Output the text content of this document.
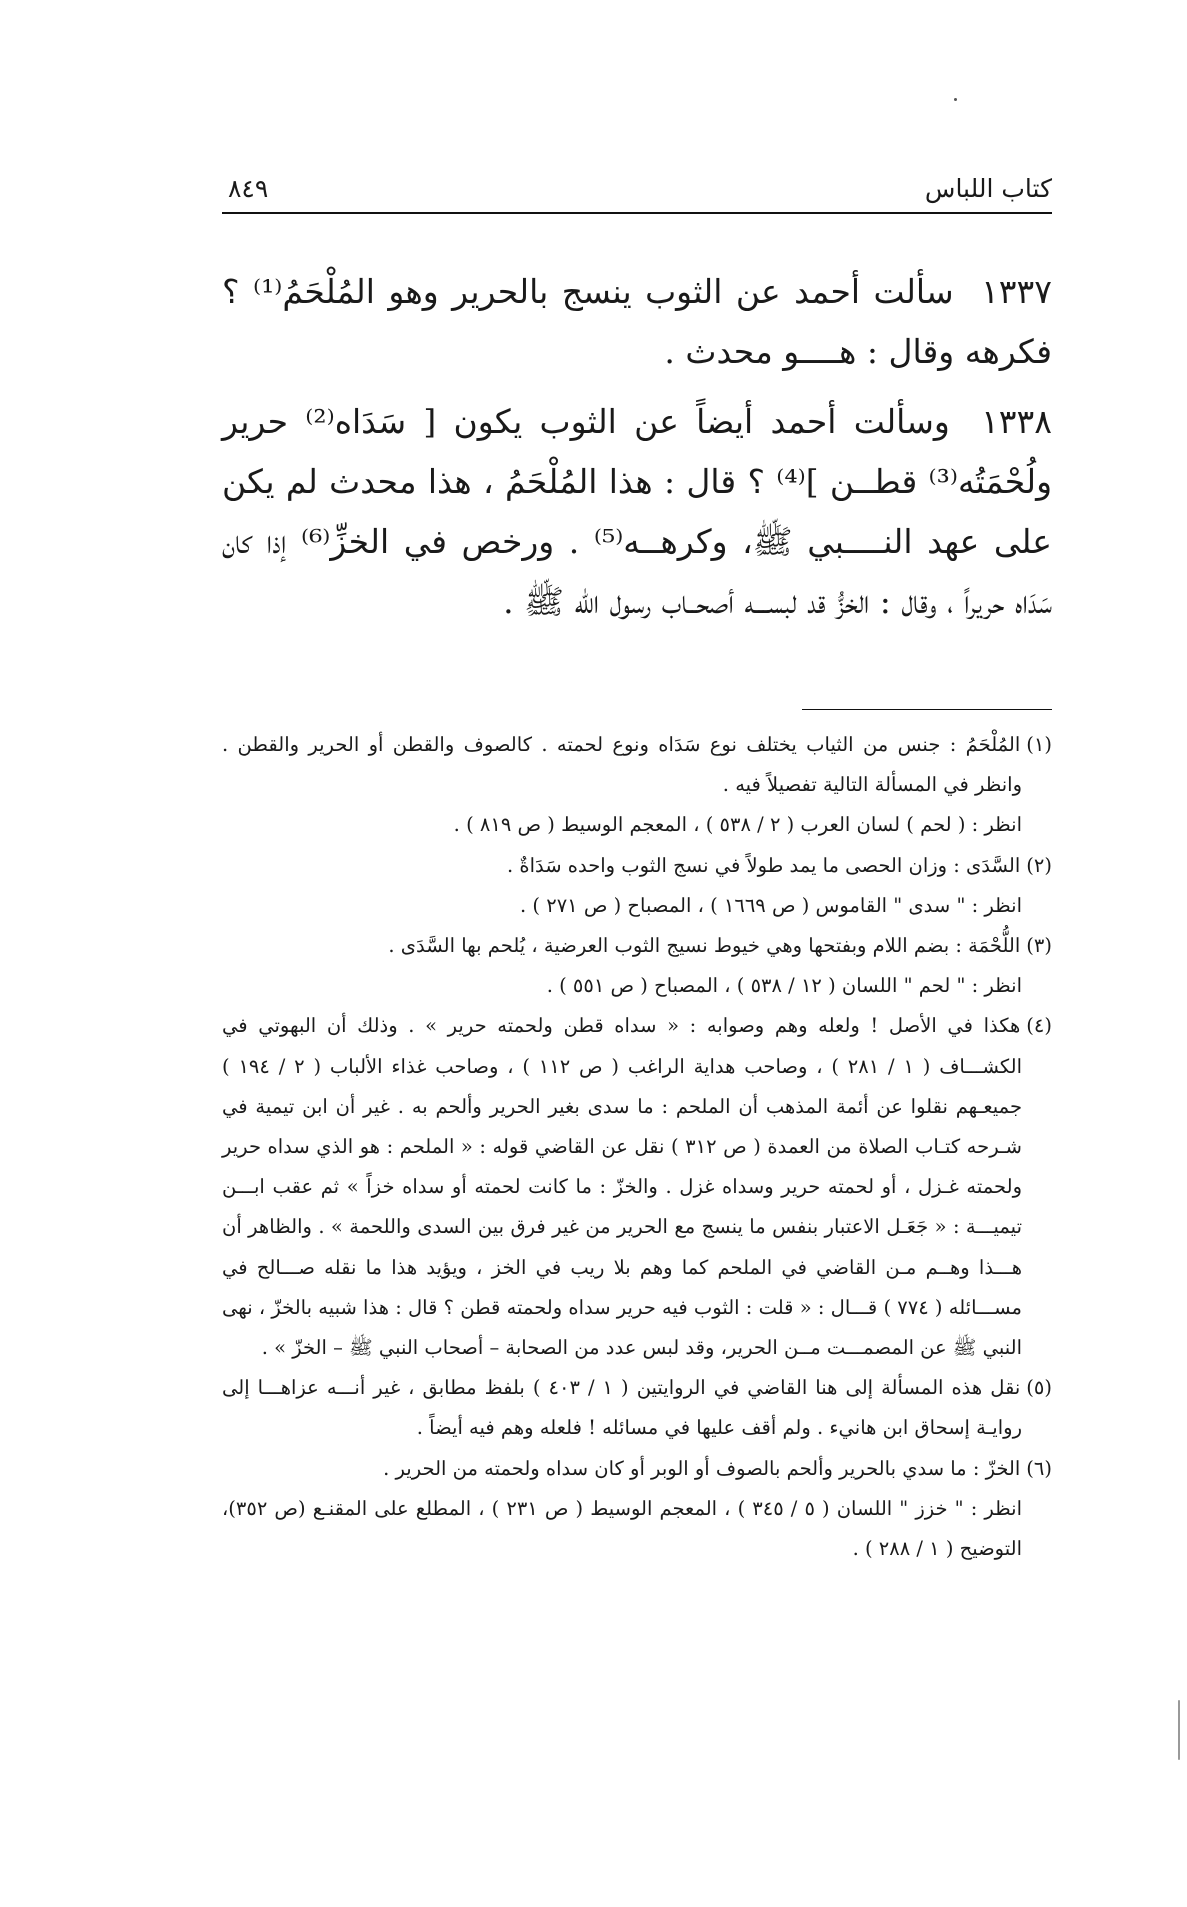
كتاب اللباس
٨٤٩
١٣٣٧ سألت أحمد عن الثوب ينسج بالحرير وهو المُلْحَمُ⁽¹⁾ ؟ فكرهه وقال : هــــو محدث .
١٣٣٨ وسألت أحمد أيضاً عن الثوب يكون [ سَدَاه⁽²⁾ حرير ولُحْمَتُه⁽³⁾ قطــن ]⁽⁴⁾ ؟ قال : هذا المُلْحَمُ ، هذا محدث لم يكن على عهد النــــبي ﷺ، وكرهــه⁽⁵⁾ . ورخص في الخزِّ⁽⁶⁾ إذا كان سَدَاه حريراً ، وقال : الخزُّ قد لبســـه أصحــاب رسول الله ﷺ .
(١)المُلْحَمُ : جنس من الثياب يختلف نوع سَدَاه ونوع لحمته . كالصوف والقطن أو الحرير والقطن . وانظر في المسألة التالية تفصيلاً فيه .
انظر : ( لحم ) لسان العرب ( ٢ / ٥٣٨ ) ، المعجم الوسيط ( ص ٨١٩ ) .
(٢)السَّدَى : وزان الحصى ما يمد طولاً في نسج الثوب واحده سَدَاةٌ .
انظر : " سدى " القاموس ( ص ١٦٦٩ ) ، المصباح ( ص ٢٧١ ) .
(٣)اللُّحْمَة : بضم اللام وبفتحها وهي خيوط نسيج الثوب العرضية ، يُلحم بها السَّدَى .
انظر : " لحم " اللسان ( ١٢ / ٥٣٨ ) ، المصباح ( ص ٥٥١ ) .
(٤)هكذا في الأصل ! ولعله وهم وصوابه : « سداه قطن ولحمته حرير » . وذلك أن البهوتي في الكشـــاف ( ١ / ٢٨١ ) ، وصاحب هداية الراغب ( ص ١١٢ ) ، وصاحب غذاء الألباب ( ٢ / ١٩٤ ) جميعـهم نقلوا عن أئمة المذهب أن الملحم : ما سدى بغير الحرير وألحم به . غير أن ابن تيمية في شـرحه كتـاب الصلاة من العمدة ( ص ٣١٢ ) نقل عن القاضي قوله : « الملحم : هو الذي سداه حرير ولحمته غـزل ، أو لحمته حرير وسداه غزل . والخزّ : ما كانت لحمته أو سداه خزاً » ثم عقب ابـــن تيميـــة : « جَعَـل الاعتبار بنفس ما ينسج مع الحرير من غير فرق بين السدى واللحمة » . والظاهر أن هـــذا وهــم مـن القاضي في الملحم كما وهم بلا ريب في الخز ، ويؤيد هذا ما نقله صـــالح في مســـائله ( ٧٧٤ ) قـــال : « قلت : الثوب فيه حرير سداه ولحمته قطن ؟ قال : هذا شبيه بالخزّ ، نهى النبي ﷺ عن المصمـــت مــن الحرير، وقد لبس عدد من الصحابة – أصحاب النبي ﷺ – الخزّ » .
(٥)نقل هذه المسألة إلى هنا القاضي في الروايتين ( ١ / ٤٠٣ ) بلفظ مطابق ، غير أنـــه عزاهـــا إلى روايـة إسحاق ابن هانيء . ولم أقف عليها في مسائله ! فلعله وهم فيه أيضاً .
(٦)الخزّ : ما سدي بالحرير وألحم بالصوف أو الوبر أو كان سداه ولحمته من الحرير .
انظر : " خزز " اللسان ( ٥ / ٣٤٥ ) ، المعجم الوسيط ( ص ٢٣١ ) ، المطلع على المقنـع (ص ٣٥٢)، التوضيح ( ١ / ٢٨٨ ) .
